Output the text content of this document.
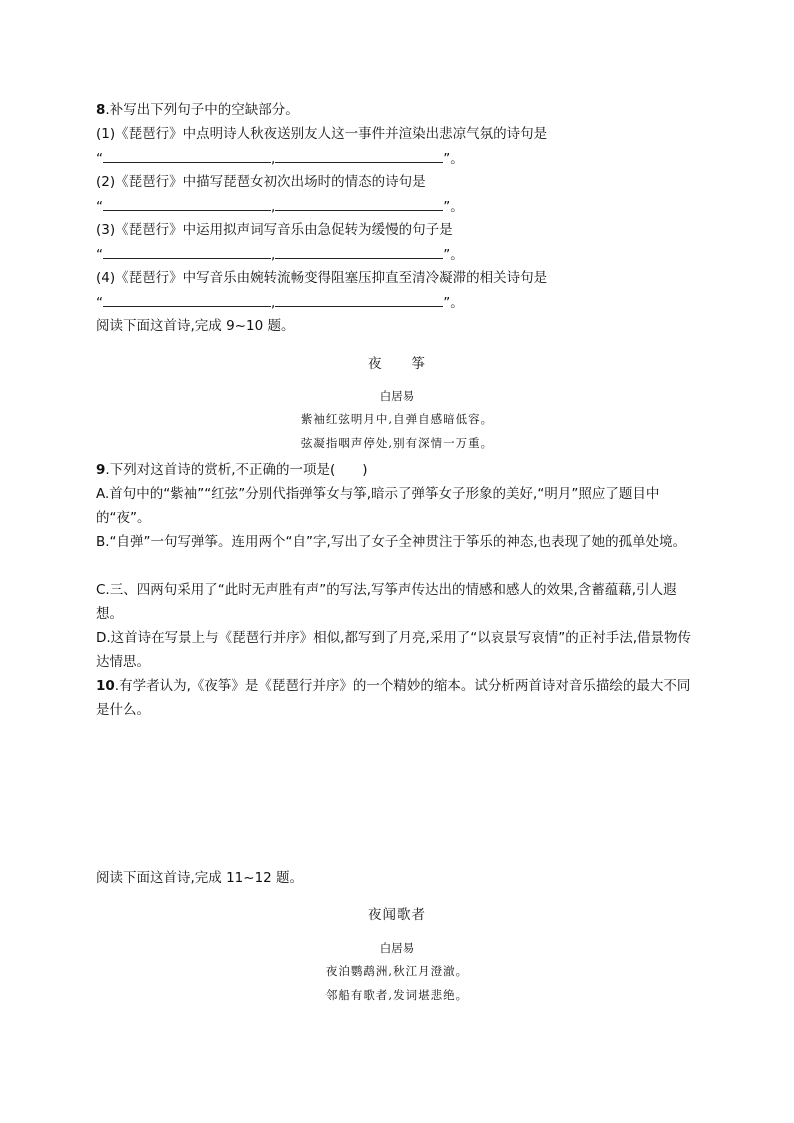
8.补写出下列句子中的空缺部分。
(1)《琵琶行》中点明诗人秋夜送别友人这一事件并渲染出悲凉气氛的诗句是
“	,	”。
(2)《琵琶行》中描写琵琶女初次出场时的情态的诗句是
“	,	”。
(3)《琵琶行》中运用拟声词写音乐由急促转为缓慢的句子是
“	,	”。
(4)《琵琶行》中写音乐由婉转流畅变得阻塞压抑直至清冷凝滞的相关诗句是
“	,	”。
阅读下面这首诗,完成 9~10 题。
夜　　筝
白居易
紫袖红弦明月中,自弹自感暗低容。
弦凝指咽声停处,别有深情一万重。
9.下列对这首诗的赏析,不正确的一项是(　　)
A.首句中的“紫袖”“红弦”分别代指弹筝女与筝,暗示了弹筝女子形象的美好,“明月”照应了题目中的“夜”。
B.“自弹”一句写弹筝。连用两个“自”字,写出了女子全神贯注于筝乐的神态,也表现了她的孤单处境。
C.三、四两句采用了“此时无声胜有声”的写法,写筝声传达出的情感和感人的效果,含蓄蕴藉,引人遐想。
D.这首诗在写景上与《琵琶行并序》相似,都写到了月亮,采用了“以哀景写哀情”的正衬手法,借景物传达情思。
10.有学者认为,《夜筝》是《琵琶行并序》的一个精妙的缩本。试分析两首诗对音乐描绘的最大不同是什么。
阅读下面这首诗,完成 11~12 题。
夜闻歌者
白居易
夜泊鹦鹉洲,秋江月澄澈。
邻船有歌者,发词堪悲绝。
